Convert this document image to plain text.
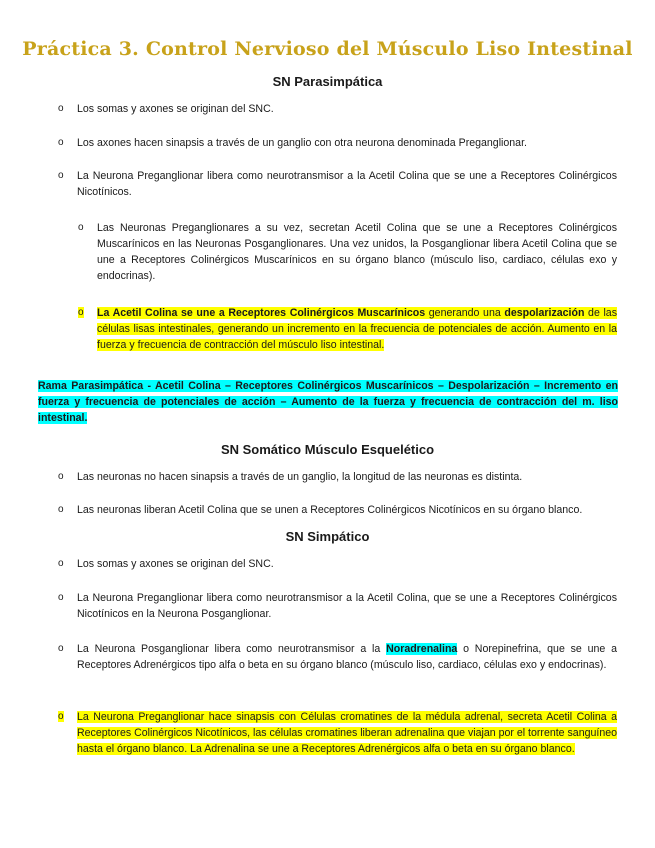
Práctica 3. Control Nervioso del Músculo Liso Intestinal
SN Parasimpática
o Los somas y axones se originan del SNC.
o Los axones hacen sinapsis a través de un ganglio con otra neurona denominada Preganglionar.
o La Neurona Preganglionar libera como neurotransmisor a la Acetil Colina que se une a Receptores Colinérgicos Nicotínicos.
o Las Neuronas Preganglionares a su vez, secretan Acetil Colina que se une a Receptores Colinérgicos Muscarínicos en las Neuronas Posganglionares. Una vez unidos, la Posganglionar libera Acetil Colina que se une a Receptores Colinérgicos Muscarínicos en su órgano blanco (músculo liso, cardiaco, células exo y endocrinas).
o La Acetil Colina se une a Receptores Colinérgicos Muscarínicos generando una despolarización de las células lisas intestinales, generando un incremento en la frecuencia de potenciales de acción. Aumento en la fuerza y frecuencia de contracción del músculo liso intestinal.
Rama Parasimpática - Acetil Colina – Receptores Colinérgicos Muscarínicos – Despolarización – Incremento en fuerza y frecuencia de potenciales de acción – Aumento de la fuerza y frecuencia de contracción del m. liso intestinal.
SN Somático Músculo Esquelético
o Las neuronas no hacen sinapsis a través de un ganglio, la longitud de las neuronas es distinta.
o Las neuronas liberan Acetil Colina que se unen a Receptores Colinérgicos Nicotínicos en su órgano blanco.
SN Simpático
o Los somas y axones se originan del SNC.
o La Neurona Preganglionar libera como neurotransmisor a la Acetil Colina, que se une a Receptores Colinérgicos Nicotínicos en la Neurona Posganglionar.
o La Neurona Posganglionar libera como neurotransmisor a la Noradrenalina o Norepinefrina, que se une a Receptores Adrenérgicos tipo alfa o beta en su órgano blanco (músculo liso, cardiaco, células exo y endocrinas).
o La Neurona Preganglionar hace sinapsis con Células cromatines de la médula adrenal, secreta Acetil Colina a Receptores Colinérgicos Nicotínicos, las células cromatines liberan adrenalina que viajan por el torrente sanguíneo hasta el órgano blanco. La Adrenalina se une a Receptores Adrenérgicos alfa o beta en su órgano blanco.
